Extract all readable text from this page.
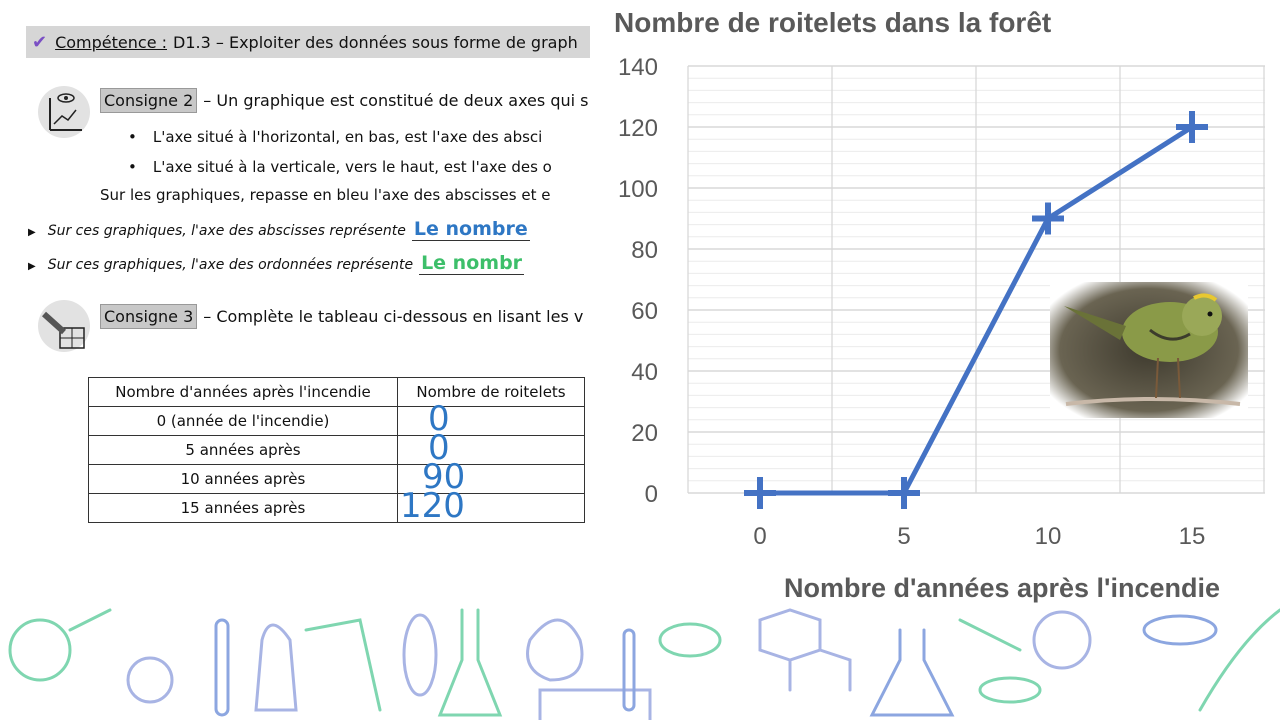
✔ Compétence : D1.3 – Exploiter des données sous forme de graph
Consigne 2 – Un graphique est constitué de deux axes qui s
• L'axe situé à l'horizontal, en bas, est l'axe des absci
• L'axe situé à la verticale, vers le haut, est l'axe des o
Sur les graphiques, repasse en bleu l'axe des abscisses et e
▶ Sur ces graphiques, l'axe des abscisses représente Le nombre
▶ Sur ces graphiques, l'axe des ordonnées représente Le nombr
Consigne 3 – Complète le tableau ci-dessous en lisant les v
Nombre d'années après l'incendie	Nombre de roitelets
0 (année de l'incendie)	0

5 années après	0

10 années après	90

15 années après	120
Nombre de roitelets dans la forêt
0
20
40
60
80
100
120
140
0	5	10	15
Nombre d'années après l'incendie
